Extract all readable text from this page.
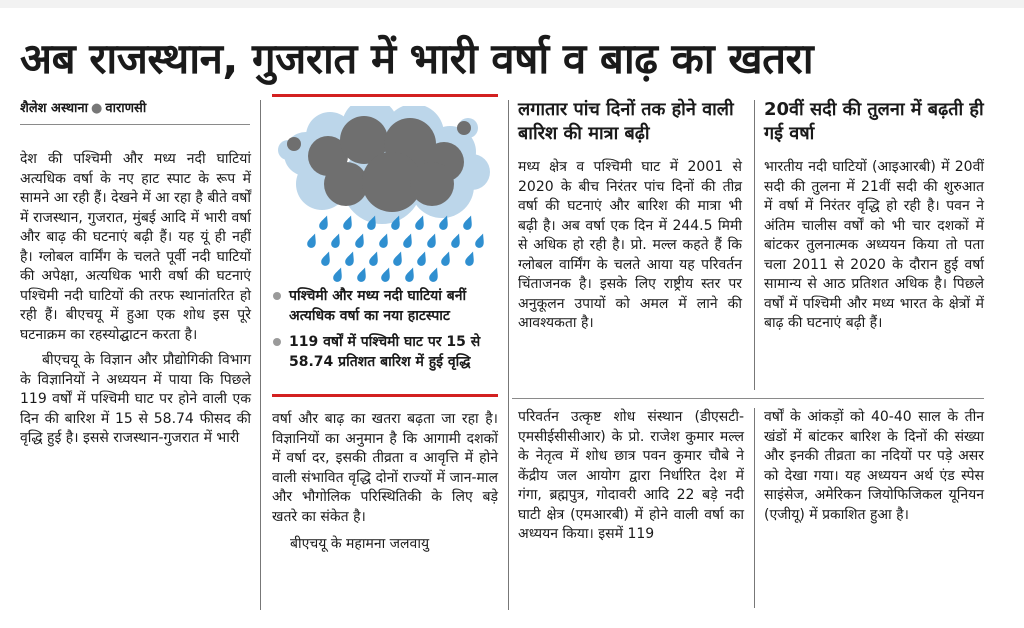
अब राजस्थान, गुजरात में भारी वर्षा व बाढ़ का खतरा
शैलेश अस्थाना ● वाराणसी

देश की पश्चिमी और मध्य नदी घाटियां अत्यधिक वर्षा के नए हाट स्पाट के रूप में सामने आ रही हैं। देखने में आ रहा है बीते वर्षों में राजस्थान, गुजरात, मुंबई आदि में भारी वर्षा और बाढ़ की घटनाएं बढ़ी हैं। यह यूं ही नहीं है। ग्लोबल वार्मिंग के चलते पूर्वी नदी घाटियों की अपेक्षा, अत्यधिक भारी वर्षा की घटनाएं पश्चिमी नदी घाटियों की तरफ स्थानांतरित हो रही हैं। बीएचयू में हुआ एक शोध इस पूरे घटनाक्रम का रहस्योद्घाटन करता है।

बीएचयू के विज्ञान और प्रौद्योगिकी विभाग के विज्ञानियों ने अध्ययन में पाया कि पिछले 119 वर्षों में पश्चिमी घाट पर होने वाली एक दिन की बारिश में 15 से 58.74 फीसद की वृद्धि हुई है। इससे राजस्थान-गुजरात में भारी

पश्चिमी और मध्य नदी घाटियां बनीं अत्यधिक वर्षा का नया हाटस्पाट
119 वर्षों में पश्चिमी घाट पर 15 से 58.74 प्रतिशत बारिश में हुई वृद्धि

वर्षा और बाढ़ का खतरा बढ़ता जा रहा है। विज्ञानियों का अनुमान है कि आगामी दशकों में वर्षा दर, इसकी तीव्रता व आवृत्ति में होने वाली संभावित वृद्धि दोनों राज्यों में जान-माल और भौगोलिक परिस्थितिकी के लिए बड़े खतरे का संकेत है।

बीएचयू के महामना जलवायु

लगातार पांच दिनों तक होने वाली बारिश की मात्रा बढ़ी
मध्य क्षेत्र व पश्चिमी घाट में 2001 से 2020 के बीच निरंतर पांच दिनों की तीव्र वर्षा की घटनाएं और बारिश की मात्रा भी बढ़ी है। अब वर्षा एक दिन में 244.5 मिमी से अधिक हो रही है। प्रो. मल्ल कहते हैं कि ग्लोबल वार्मिंग के चलते आया यह परिवर्तन चिंताजनक है। इसके लिए राष्ट्रीय स्तर पर अनुकूलन उपायों को अमल में लाने की आवश्यकता है।
20वीं सदी की तुलना में बढ़ती ही गई वर्षा
भारतीय नदी घाटियों (आइआरबी) में 20वीं सदी की तुलना में 21वीं सदी की शुरुआत में वर्षा में निरंतर वृद्धि हो रही है। पवन ने अंतिम चालीस वर्षों को भी चार दशकों में बांटकर तुलनात्मक अध्ययन किया तो पता चला 2011 से 2020 के दौरान हुई वर्षा सामान्य से आठ प्रतिशत अधिक है। पिछले वर्षों में पश्चिमी और मध्य भारत के क्षेत्रों में बाढ़ की घटनाएं बढ़ी हैं।
परिवर्तन उत्कृष्ट शोध संस्थान (डीएसटी-एमसीईसीसीआर) के प्रो. राजेश कुमार मल्ल के नेतृत्व में शोध छात्र पवन कुमार चौबे ने केंद्रीय जल आयोग द्वारा निर्धारित देश में गंगा, ब्रह्मपुत्र, गोदावरी आदि 22 बड़े नदी घाटी क्षेत्र (एमआरबी) में होने वाली वर्षा का अध्ययन किया। इसमें 119
वर्षों के आंकड़ों को 40-40 साल के तीन खंडों में बांटकर बारिश के दिनों की संख्या और इनकी तीव्रता का नदियों पर पड़े असर को देखा गया। यह अध्ययन अर्थ एंड स्पेस साइंसेज, अमेरिकन जियोफिजिकल यूनियन (एजीयू) में प्रकाशित हुआ है।
